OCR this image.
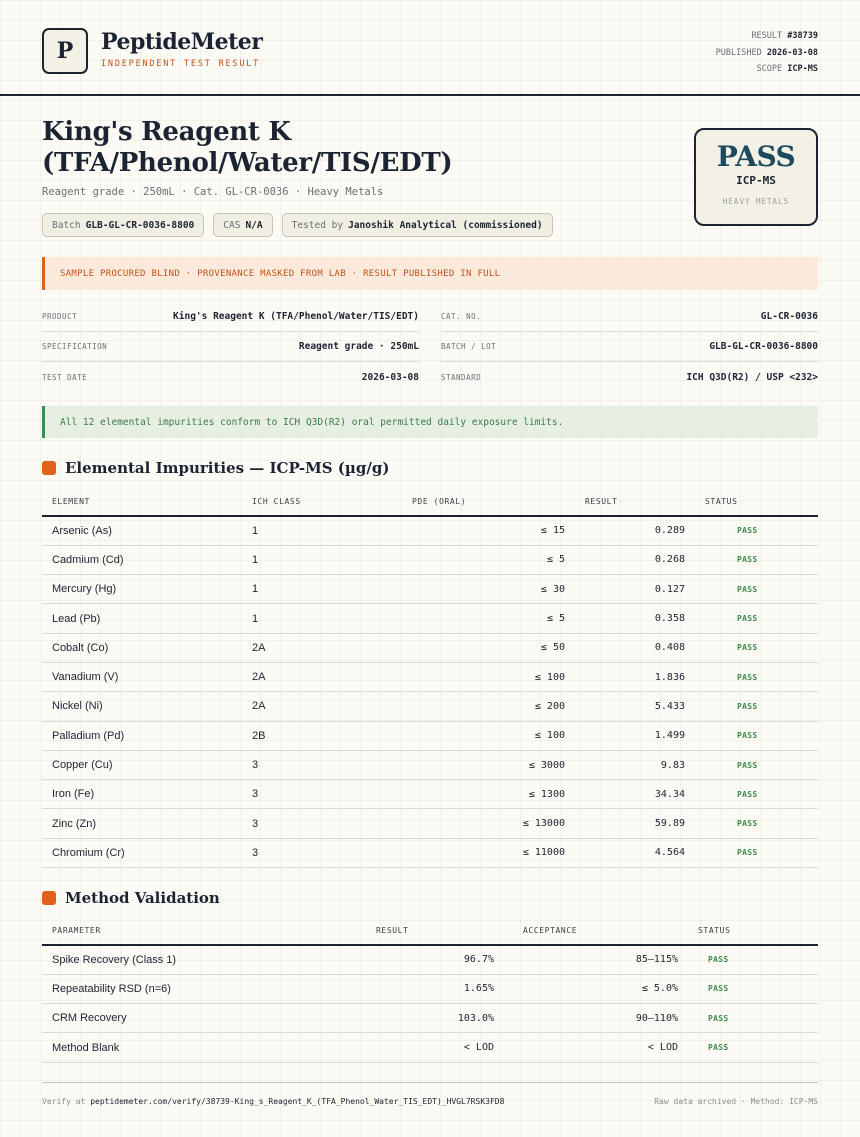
P	PeptideMeter
INDEPENDENT TEST RESULT
RESULT #38739
PUBLISHED 2026-03-08
SCOPE ICP-MS
King's Reagent K
(TFA/Phenol/Water/TIS/EDT)
Reagent grade · 250mL · Cat. GL-CR-0036 · Heavy Metals
Batch GLB-GL-CR-0036-8800	CAS N/A	Tested by Janoshik Analytical (commissioned)
PASS
ICP-MS
HEAVY METALS
SAMPLE PROCURED BLIND · PROVENANCE MASKED FROM LAB · RESULT PUBLISHED IN FULL
PRODUCT	King's Reagent K (TFA/Phenol/Water/TIS/EDT)
SPECIFICATION	Reagent grade · 250mL
TEST DATE	2026-03-08
CAT. NO.	GL-CR-0036
BATCH / LOT	GLB-GL-CR-0036-8800
STANDARD	ICH Q3D(R2) / USP <232>
All 12 elemental impurities conform to ICH Q3D(R2) oral permitted daily exposure limits.
Elemental Impurities — ICP-MS (µg/g)
ELEMENT	ICH CLASS	PDE (ORAL)	RESULT	STATUS
Arsenic (As)	1	≤ 15	0.289	PASS
Cadmium (Cd)	1	≤ 5	0.268	PASS
Mercury (Hg)	1	≤ 30	0.127	PASS
Lead (Pb)	1	≤ 5	0.358	PASS
Cobalt (Co)	2A	≤ 50	0.408	PASS
Vanadium (V)	2A	≤ 100	1.836	PASS
Nickel (Ni)	2A	≤ 200	5.433	PASS
Palladium (Pd)	2B	≤ 100	1.499	PASS
Copper (Cu)	3	≤ 3000	9.83	PASS
Iron (Fe)	3	≤ 1300	34.34	PASS
Zinc (Zn)	3	≤ 13000	59.89	PASS
Chromium (Cr)	3	≤ 11000	4.564	PASS
Method Validation
PARAMETER	RESULT	ACCEPTANCE	STATUS
Spike Recovery (Class 1)	96.7%	85–115%	PASS
Repeatability RSD (n=6)	1.65%	≤ 5.0%	PASS
CRM Recovery	103.0%	90–110%	PASS
Method Blank	< LOD	< LOD	PASS
Verify at peptidemeter.com/verify/38739-King_s_Reagent_K_(TFA_Phenol_Water_TIS_EDT)_HVGL7RSK3FD8	Raw data archived · Method: ICP-MS
